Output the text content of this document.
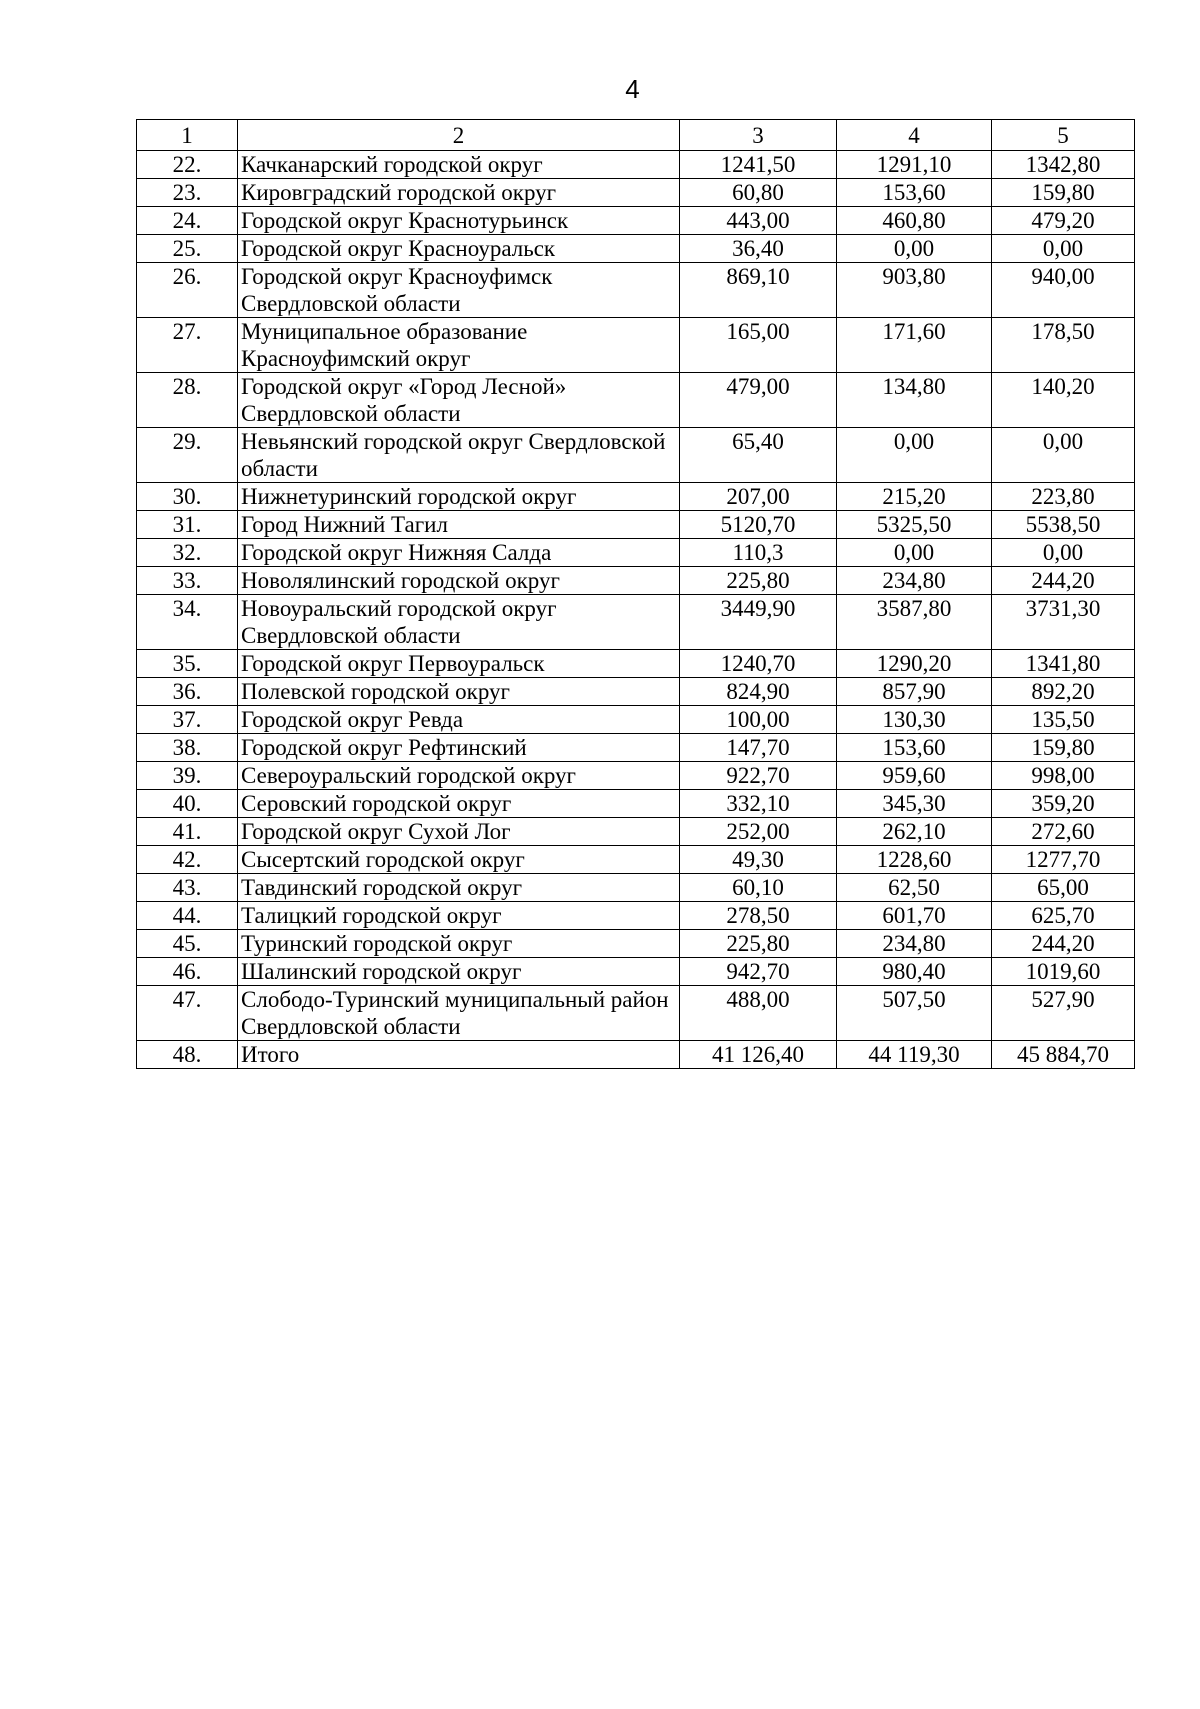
4
1	2	3	4	5
22.	Качканарский городской округ	1241,50	1291,10	1342,80
23.	Кировградский городской округ	60,80	153,60	159,80
24.	Городской округ Краснотурьинск	443,00	460,80	479,20
25.	Городской округ Красноуральск	36,40	0,00	0,00
26.	Городской округ Красноуфимск Свердловской области	869,10	903,80	940,00
27.	Муниципальное образование Красноуфимский округ	165,00	171,60	178,50
28.	Городской округ «Город Лесной» Свердловской области	479,00	134,80	140,20
29.	Невьянский городской округ Свердловской области	65,40	0,00	0,00
30.	Нижнетуринский городской округ	207,00	215,20	223,80
31.	Город Нижний Тагил	5120,70	5325,50	5538,50
32.	Городской округ Нижняя Салда	110,3	0,00	0,00
33.	Новолялинский городской округ	225,80	234,80	244,20
34.	Новоуральский городской округ Свердловской области	3449,90	3587,80	3731,30
35.	Городской округ Первоуральск	1240,70	1290,20	1341,80
36.	Полевской городской округ	824,90	857,90	892,20
37.	Городской округ Ревда	100,00	130,30	135,50
38.	Городской округ Рефтинский	147,70	153,60	159,80
39.	Североуральский городской округ	922,70	959,60	998,00
40.	Серовский городской округ	332,10	345,30	359,20
41.	Городской округ Сухой Лог	252,00	262,10	272,60
42.	Сысертский городской округ	49,30	1228,60	1277,70
43.	Тавдинский городской округ	60,10	62,50	65,00
44.	Талицкий городской округ	278,50	601,70	625,70
45.	Туринский городской округ	225,80	234,80	244,20
46.	Шалинский городской округ	942,70	980,40	1019,60
47.	Слободо-Туринский муниципальный район Свердловской области	488,00	507,50	527,90
48.	Итого	41 126,40	44 119,30	45 884,70
